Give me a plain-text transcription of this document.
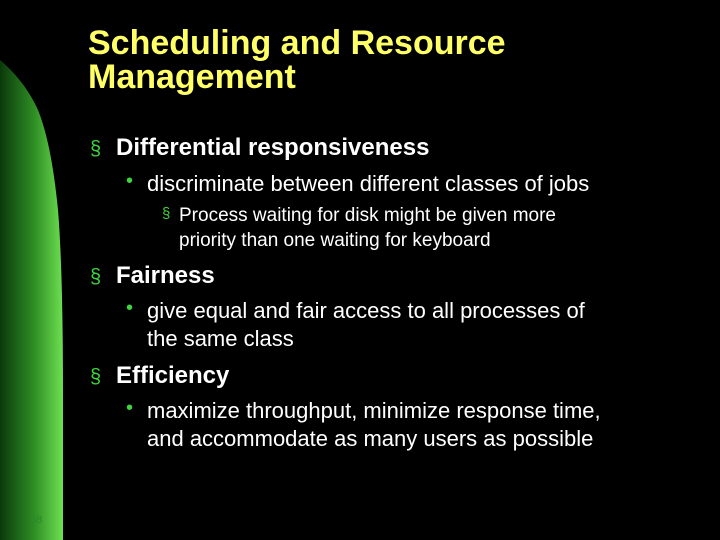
Scheduling and Resource
Management
§ Differential responsiveness
• discriminate between different classes of jobs
§ Process waiting for disk might be given more
priority than one waiting for keyboard
§ Fairness
• give equal and fair access to all processes of
the same class
§ Efficiency
• maximize throughput, minimize response time,
and accommodate as many users as possible
38
